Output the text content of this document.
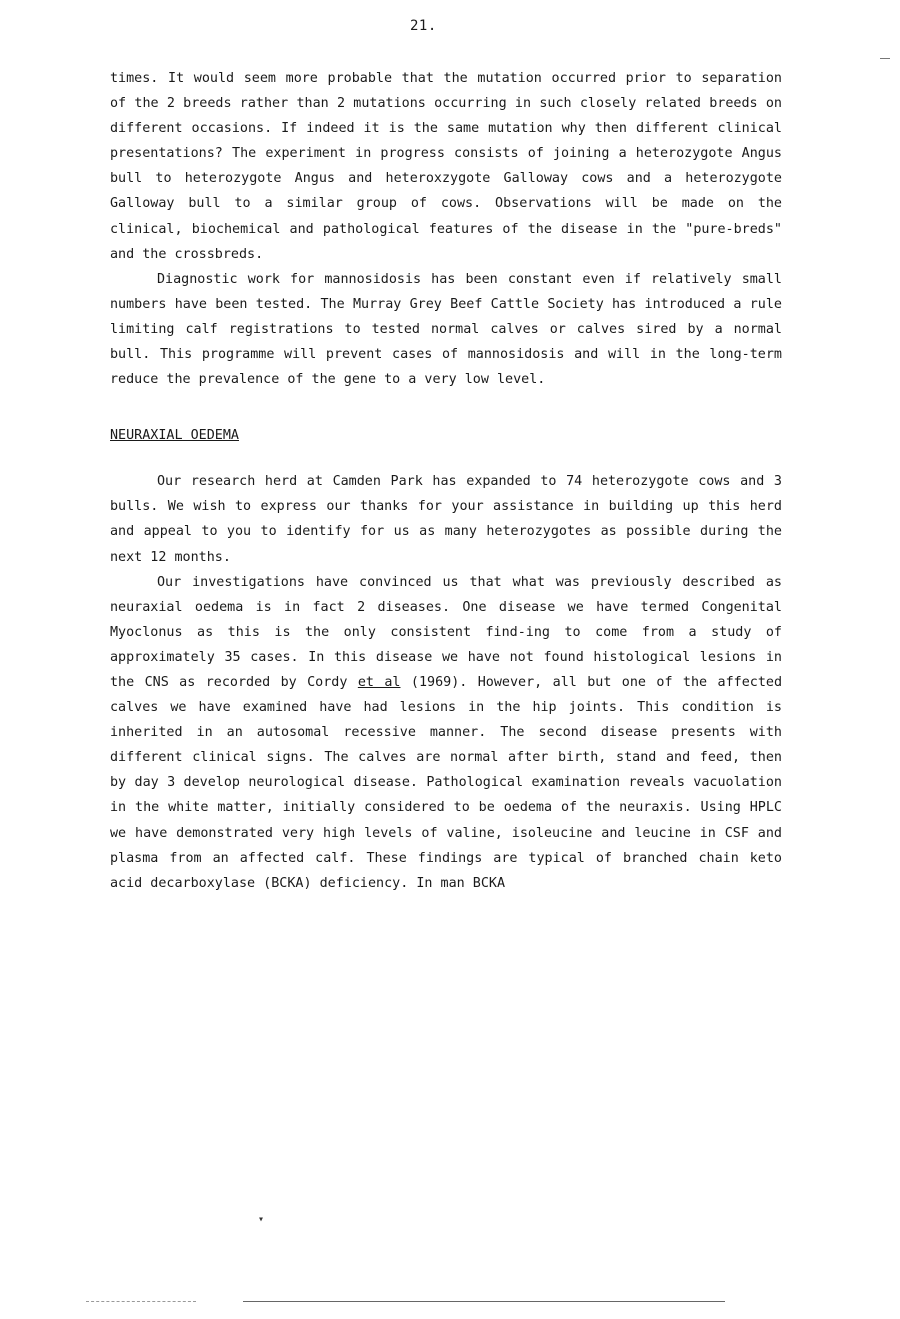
21.

times. It would seem more probable that the mutation occurred prior to separation of the 2 breeds rather than 2 mutations occurring in such closely related breeds on different occasions. If indeed it is the same mutation why then different clinical presentations? The experiment in progress consists of joining a heterozygote Angus bull to heterozygote Angus and heteroxzygote Galloway cows and a heterozygote Galloway bull to a similar group of cows. Observations will be made on the clinical, biochemical and pathological features of the disease in the "pure-breds" and the crossbreds.

Diagnostic work for mannosidosis has been constant even if relatively small numbers have been tested. The Murray Grey Beef Cattle Society has introduced a rule limiting calf registrations to tested normal calves or calves sired by a normal bull. This programme will prevent cases of mannosidosis and will in the long-term reduce the prevalence of the gene to a very low level.

NEURAXIAL OEDEMA

Our research herd at Camden Park has expanded to 74 heterozygote cows and 3 bulls. We wish to express our thanks for your assistance in building up this herd and appeal to you to identify for us as many heterozygotes as possible during the next 12 months.

Our investigations have convinced us that what was previously described as neuraxial oedema is in fact 2 diseases. One disease we have termed Congenital Myoclonus as this is the only consistent find-ing to come from a study of approximately 35 cases. In this disease we have not found histological lesions in the CNS as recorded by Cordy et al (1969). However, all but one of the affected calves we have examined have had lesions in the hip joints. This condition is inherited in an autosomal recessive manner. The second disease presents with different clinical signs. The calves are normal after birth, stand and feed, then by day 3 develop neurological disease. Pathological examination reveals vacuolation in the white matter, initially considered to be oedema of the neuraxis. Using HPLC we have demonstrated very high levels of valine, isoleucine and leucine in CSF and plasma from an affected calf. These findings are typical of branched chain keto acid decarboxylase (BCKA) deficiency. In man BCKA

▾
